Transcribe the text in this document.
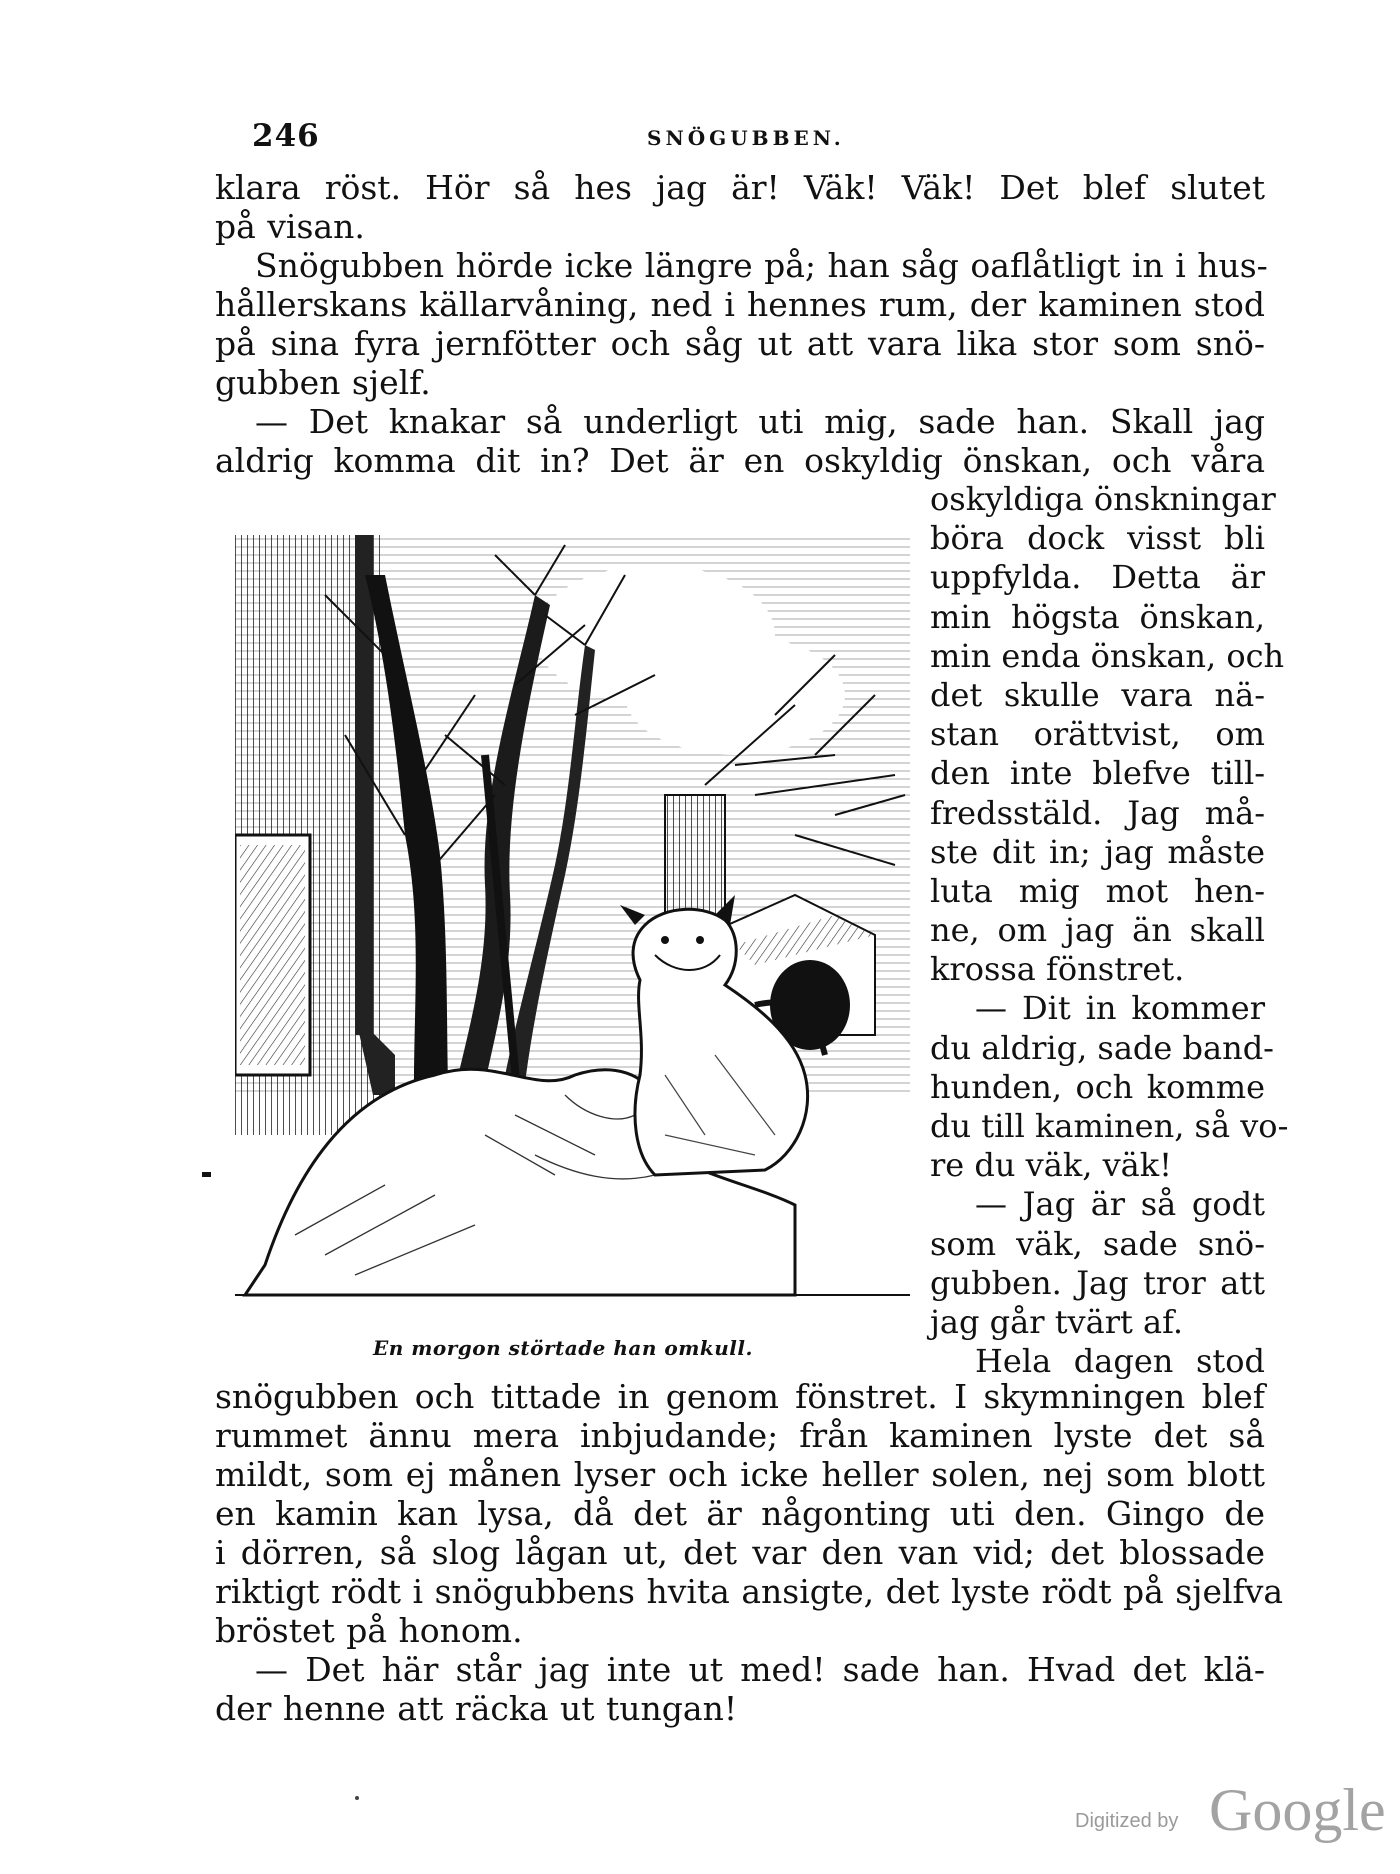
246	SNÖGUBBEN.
klara röst. Hör så hes jag är! Väk! Väk! Det blef slutet
på visan.
Snögubben hörde icke längre på; han såg oaflåtligt in i hus-
hållerskans källarvåning, ned i hennes rum, der kaminen stod
på sina fyra jernfötter och såg ut att vara lika stor som snö-
gubben sjelf.
— Det knakar så underligt uti mig, sade han. Skall jag
aldrig komma dit in? Det är en oskyldig önskan, och våra
En morgon störtade han omkull.
oskyldiga önskningar
böra dock visst bli
uppfylda. Detta är
min högsta önskan,
min enda önskan, och
det skulle vara nä-
stan orättvist, om
den inte blefve till-
fredsstäld. Jag må-
ste dit in; jag måste
luta mig mot hen-
ne, om jag än skall
krossa fönstret.
— Dit in kommer
du aldrig, sade band-
hunden, och komme
du till kaminen, så vo-
re du väk, väk!
— Jag är så godt
som väk, sade snö-
gubben. Jag tror att
jag går tvärt af.
Hela dagen stod
snögubben och tittade in genom fönstret. I skymningen blef
rummet ännu mera inbjudande; från kaminen lyste det så
mildt, som ej månen lyser och icke heller solen, nej som blott
en kamin kan lysa, då det är någonting uti den. Gingo de
i dörren, så slog lågan ut, det var den van vid; det blossade
riktigt rödt i snögubbens hvita ansigte, det lyste rödt på sjelfva
bröstet på honom.
— Det här står jag inte ut med! sade han. Hvad det klä-
der henne att räcka ut tungan!
Digitized by Google
